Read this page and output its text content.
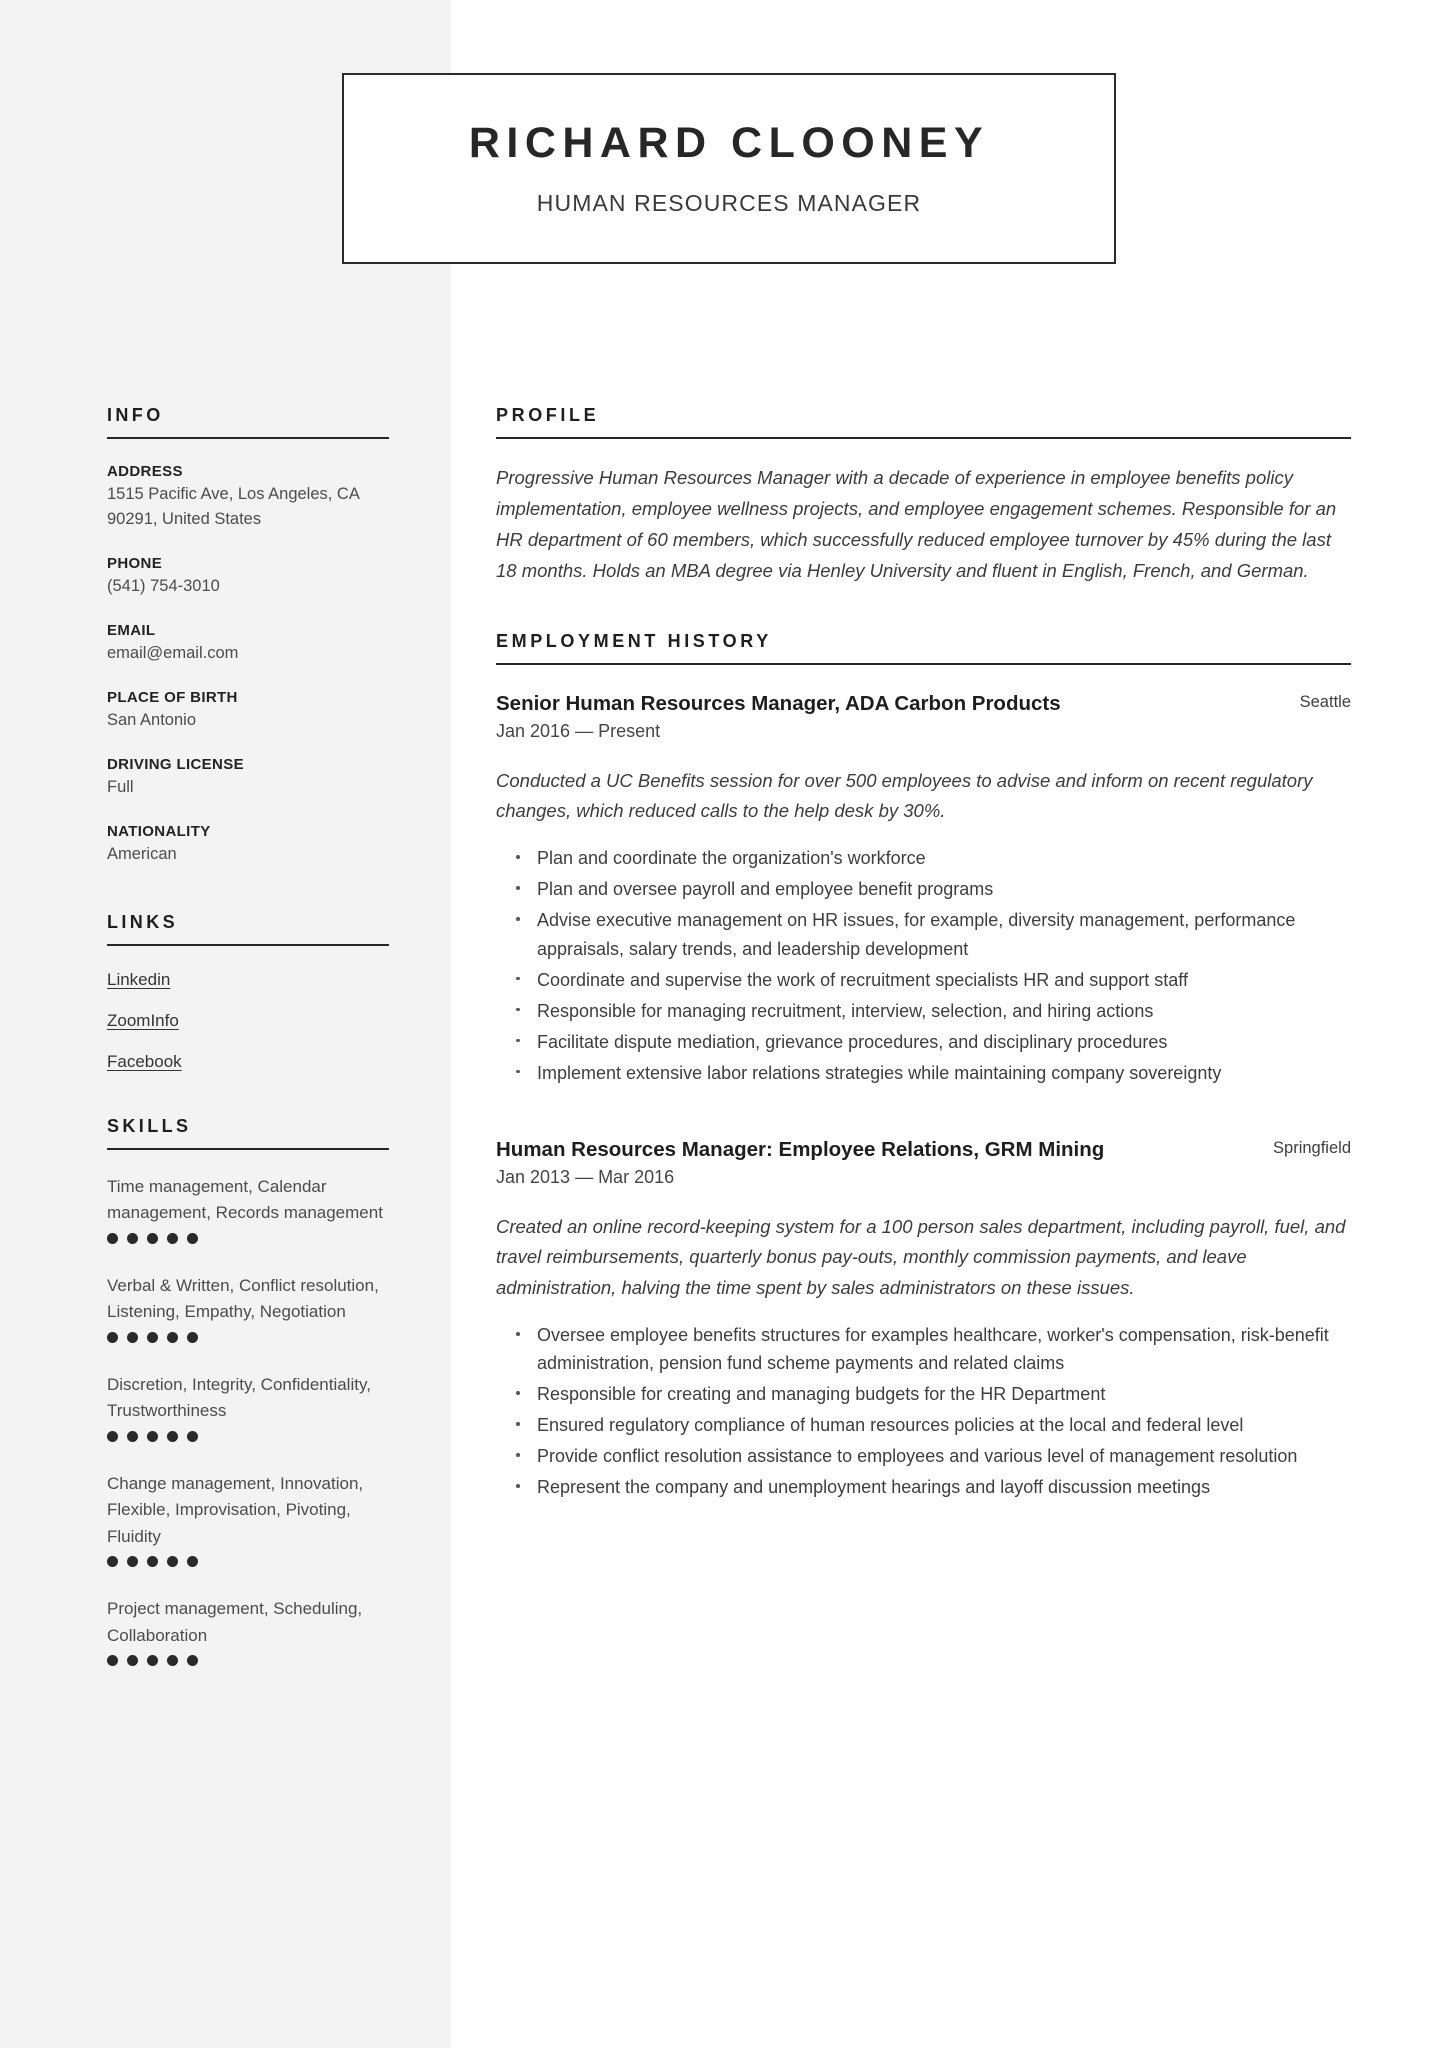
RICHARD CLOONEY
HUMAN RESOURCES MANAGER
INFO

ADDRESS

1515 Pacific Ave, Los Angeles, CA 90291, United States

PHONE

(541) 754-3010

EMAIL

email@email.com

PLACE OF BIRTH

San Antonio

DRIVING LICENSE

Full

NATIONALITY

American

LINKS
Linkedin
ZoomInfo
Facebook
SKILLS

Time management, Calendar management, Records management

Verbal & Written, Conflict resolution, Listening, Empathy, Negotiation

Discretion, Integrity, Confidentiality, Trustworthiness

Change management, Innovation, Flexible, Improvisation, Pivoting, Fluidity

Project management, Scheduling, Collaboration

PROFILE

Progressive Human Resources Manager with a decade of experience in employee benefits policy implementation, employee wellness projects, and employee engagement schemes. Responsible for an HR department of 60 members, which successfully reduced employee turnover by 45% during the last 18 months. Holds an MBA degree via Henley University and fluent in English, French, and German.

EMPLOYMENT HISTORY
Senior Human Resources Manager, ADA Carbon Products	Seattle

Jan 2016 — Present

Conducted a UC Benefits session for over 500 employees to advise and inform on recent regulatory changes, which reduced calls to the help desk by 30%.

Plan and coordinate the organization's workforce
Plan and oversee payroll and employee benefit programs
Advise executive management on HR issues, for example, diversity management, performance appraisals, salary trends, and leadership development
Coordinate and supervise the work of recruitment specialists HR and support staff
Responsible for managing recruitment, interview, selection, and hiring actions
Facilitate dispute mediation, grievance procedures, and disciplinary procedures
Implement extensive labor relations strategies while maintaining company sovereignty
Human Resources Manager: Employee Relations, GRM Mining	Springfield

Jan 2013 — Mar 2016

Created an online record-keeping system for a 100 person sales department, including payroll, fuel, and travel reimbursements, quarterly bonus pay-outs, monthly commission payments, and leave administration, halving the time spent by sales administrators on these issues.

Oversee employee benefits structures for examples healthcare, worker's compensation, risk-benefit administration, pension fund scheme payments and related claims
Responsible for creating and managing budgets for the HR Department
Ensured regulatory compliance of human resources policies at the local and federal level
Provide conflict resolution assistance to employees and various level of management resolution
Represent the company and unemployment hearings and layoff discussion meetings
